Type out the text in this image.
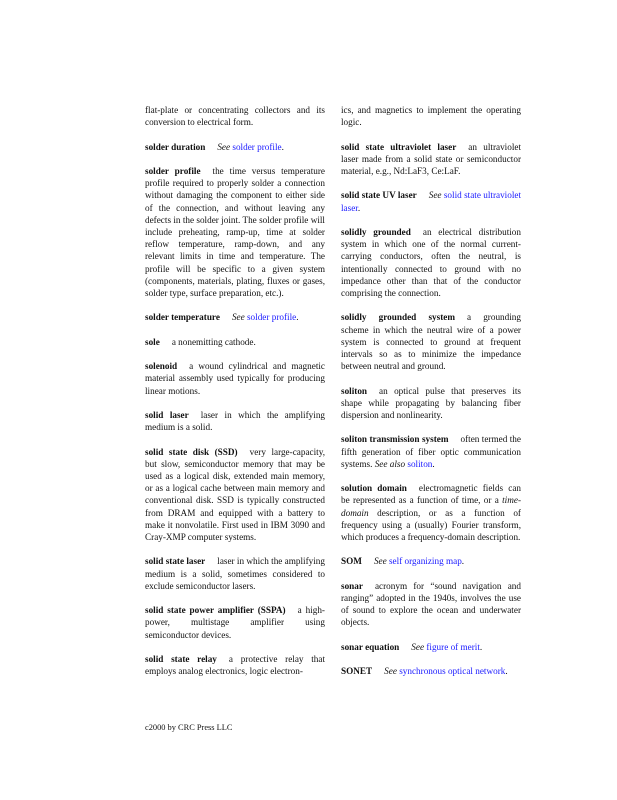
flat-plate or concentrating collectors and its conversion to electrical form.
solder duration See solder profile.
solder profile the time versus temperature profile required to properly solder a connection without damaging the component to either side of the connection, and without leaving any defects in the solder joint. The solder profile will include preheating, ramp-up, time at solder reflow temperature, ramp-down, and any relevant limits in time and temperature. The profile will be specific to a given system (components, materials, plating, fluxes or gases, solder type, surface preparation, etc.).
solder temperature See solder profile.
sole a nonemitting cathode.
solenoid a wound cylindrical and magnetic material assembly used typically for producing linear motions.
solid laser laser in which the amplifying medium is a solid.
solid state disk (SSD) very large-capacity, but slow, semiconductor memory that may be used as a logical disk, extended main memory, or as a logical cache between main memory and conventional disk. SSD is typically constructed from DRAM and equipped with a battery to make it nonvolatile. First used in IBM 3090 and Cray-XMP computer systems.
solid state laser laser in which the amplifying medium is a solid, sometimes considered to exclude semiconductor lasers.
solid state power amplifier (SSPA) a high-power, multistage amplifier using semiconductor devices.
solid state relay a protective relay that employs analog electronics, logic electron-
ics, and magnetics to implement the operating logic.
solid state ultraviolet laser an ultraviolet laser made from a solid state or semiconductor material, e.g., Nd:LaF3, Ce:LaF.
solid state UV laser See solid state ultraviolet laser.
solidly grounded an electrical distribution system in which one of the normal current-carrying conductors, often the neutral, is intentionally connected to ground with no impedance other than that of the conductor comprising the connection.
solidly grounded system a grounding scheme in which the neutral wire of a power system is connected to ground at frequent intervals so as to minimize the impedance between neutral and ground.
soliton an optical pulse that preserves its shape while propagating by balancing fiber dispersion and nonlinearity.
soliton transmission system often termed the fifth generation of fiber optic communication systems. See also soliton.
solution domain electromagnetic fields can be represented as a function of time, or a time-domain description, or as a function of frequency using a (usually) Fourier transform, which produces a frequency-domain description.
SOM See self organizing map.
sonar acronym for “sound navigation and ranging” adopted in the 1940s, involves the use of sound to explore the ocean and underwater objects.
sonar equation See figure of merit.
SONET See synchronous optical network.
c2000 by CRC Press LLC
